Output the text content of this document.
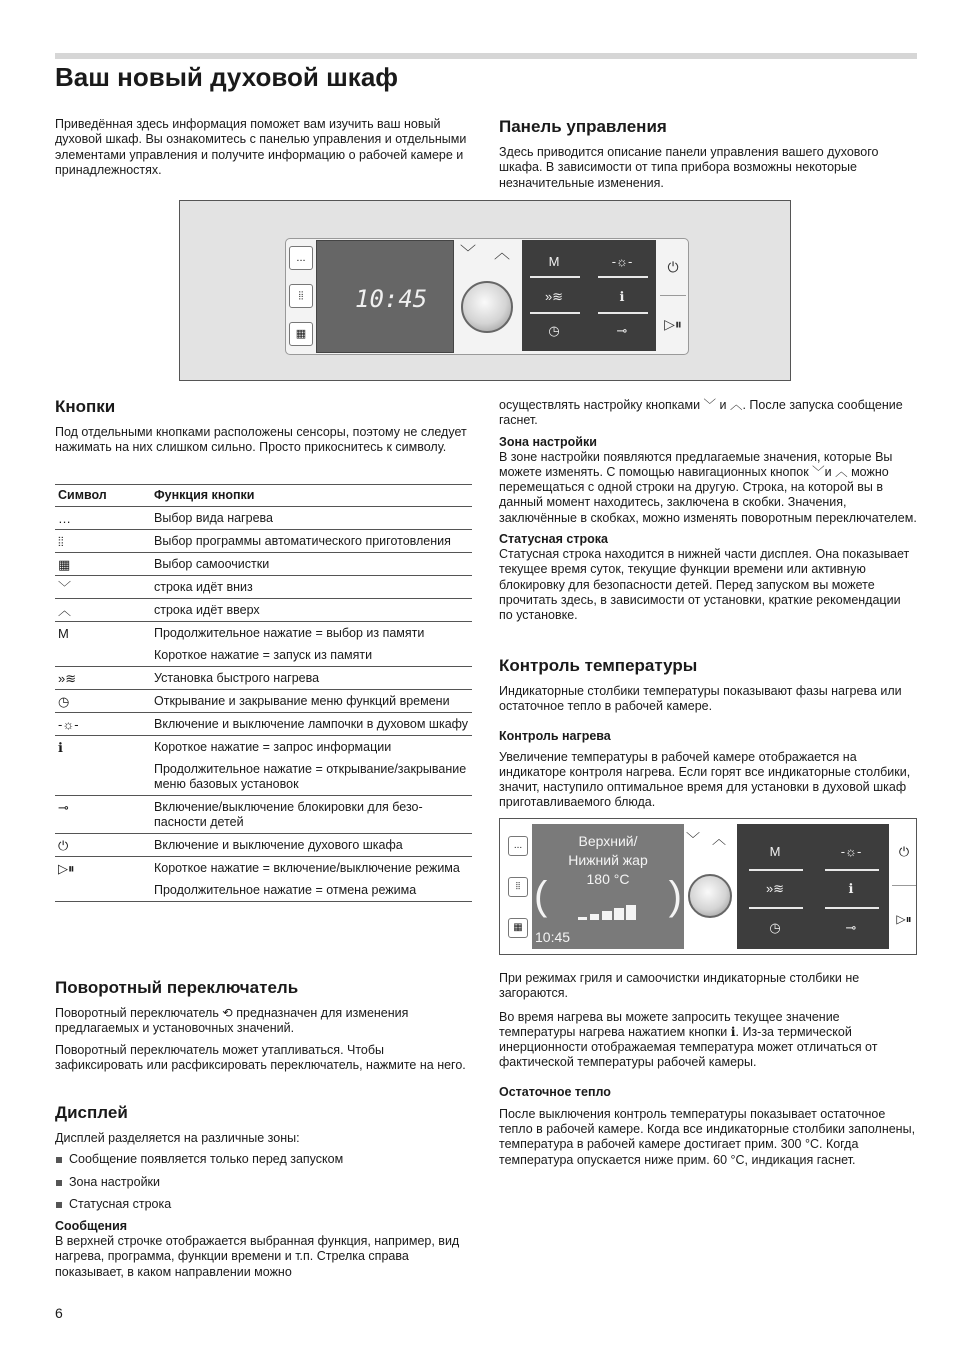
Ваш новый духовой шкаф

Приведённая здесь информация поможет вам изучить ваш новый духовой шкаф. Вы ознакомитесь с панелью управления и отдельными элементами управления и получите информацию о рабочей камере и принадлежностях.

Панель управления

Здесь приводится описание панели управления вашего духового шкафа. В зависимости от типа прибора возможны некоторые незначительные изменения.

...
⦙⦙
▦
10:45
﹀	︿	M	-☼-
»≋	ℹ
◷	⊸
⏻
▷⏸
Кнопки

Под отдельными кнопками расположены сенсоры, поэтому не следует нажимать на них слишком сильно. Просто прикоснитесь к символу.

Символ	Функция кнопки
…	Выбор вида нагрева
⦙⦙	Выбор программы автоматического приготовления
▦	Выбор самоочистки
﹀	строка идёт вниз
︿	строка идёт вверх
M	Продолжительное нажатие = выбор из памяти
	Короткое нажатие = запуск из памяти
»≋	Установка быстрого нагрева
◷	Открывание и закрывание меню функций времени
-☼-	Включение и выключение лампочки в духовом шкафу
ℹ	Короткое нажатие = запрос информации
	Продолжительное нажатие = открывание/закрывание меню базовых установок
⊸	Включение/выключение блокировки для безопасности детей
⏻	Включение и выключение духового шкафа
▷⏸	Короткое нажатие = включение/выключение режима
	Продолжительное нажатие = отмена режима
Поворотный переключатель

Поворотный переключатель ⟲ предназначен для изменения предлагаемых и установочных значений.

Поворотный переключатель может утапливаться. Чтобы зафиксировать или расфиксировать переключатель, нажмите на него.

Дисплей

Дисплей разделяется на различные зоны:

Сообщение появляется только перед запуском
Зона настройки
Статусная строка
Сообщения

В верхней строчке отображается выбранная функция, например, вид нагрева, программа, функции времени и т.п. Стрелка справа показывает, в каком направлении можно

осуществлять настройку кнопками ﹀ и ︿. После запуска сообщение гаснет.

Зона настройки

В зоне настройки появляются предлагаемые значения, которые Вы можете изменять. С помощью навигационных кнопок ﹀и ︿ можно перемещаться с одной строки на другую. Строка, на которой вы в данный момент находитесь, заключена в скобки. Значения, заключённые в скобках, можно изменять поворотным переключателем.

Статусная строка

Статусная строка находится в нижней части дисплея. Она показывает текущее время суток, текущие функции времени или активную блокировку для безопасности детей. Перед запуском вы можете прочитать здесь, в зависимости от установки, краткие рекомендации по установке.

Контроль температуры

Индикаторные столбики температуры показывают фазы нагрева или остаточное тепло в рабочей камере.

Контроль нагрева

Увеличение температуры в рабочей камере отображается на индикаторе контроля нагрева. Если горят все индикаторные столбики, значит, наступило оптимальное время для установки в духовой шкаф приготавливаемого блюда.

...
⦙⦙
▦
Верхний/
Нижний жар
180 °C
(	)
10:45
﹀ ︿
M	-☼-
»≋	ℹ
◷	⊸
⏻
▷⏸

При режимах гриля и самоочистки индикаторные столбики не загораются.

Во время нагрева вы можете запросить текущее значение температуры нагрева нажатием кнопки ℹ. Из-за термической инерционности отображаемая температура может отличаться от фактической температуры рабочей камеры.

Остаточное тепло

После выключения контроль температуры показывает остаточное тепло в рабочей камере. Когда все индикаторные столбики заполнены, температура в рабочей камере достигает прим. 300 °C. Когда температура опускается ниже прим. 60 °C, индикация гаснет.

6
